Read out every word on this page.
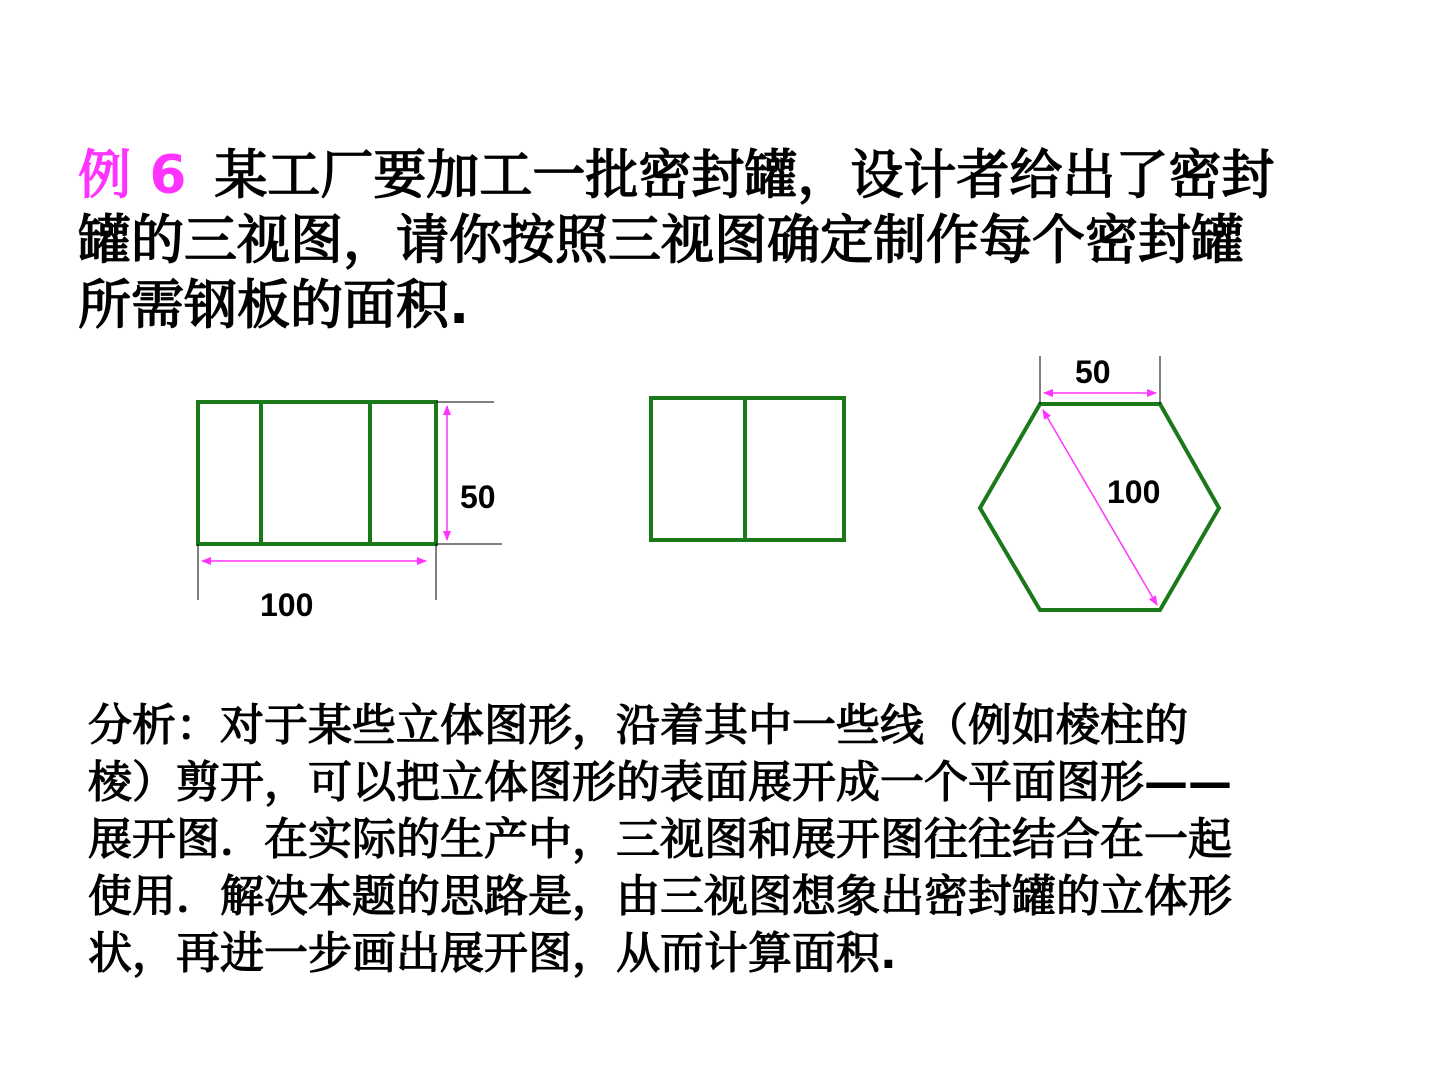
例 6 某工厂要加工一批密封罐，设计者给出了密封
罐的三视图，请你按照三视图确定制作每个密封罐
所需钢板的面积.

50
100
50
100

分析：对于某些立体图形，沿着其中一些线（例如棱柱的
棱）剪开，可以把立体图形的表面展开成一个平面图形——
展开图．在实际的生产中，三视图和展开图往往结合在一起
使用．解决本题的思路是，由三视图想象出密封罐的立体形
状，再进一步画出展开图，从而计算面积.
